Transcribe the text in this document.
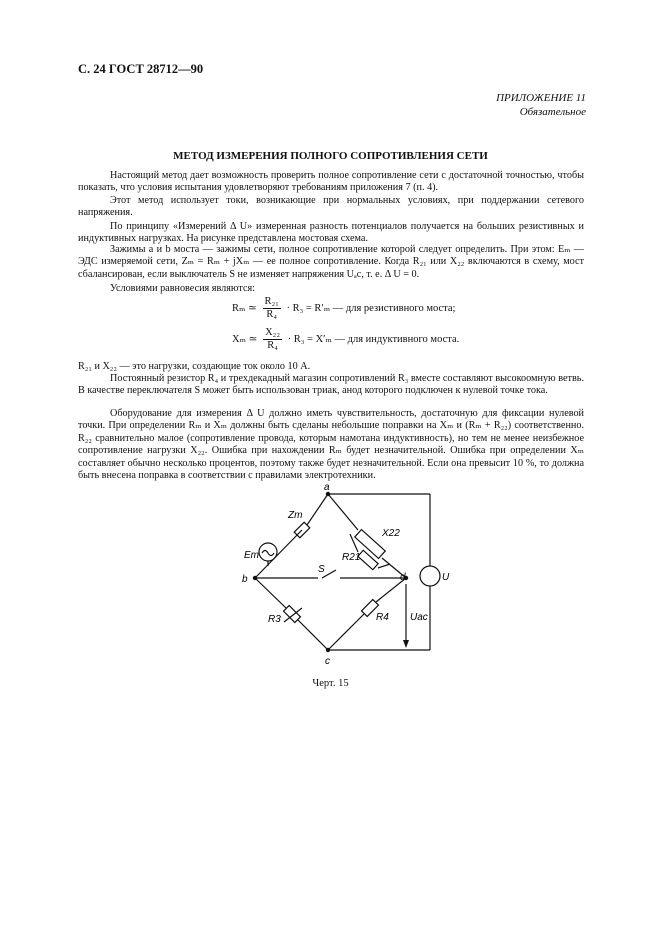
С. 24 ГОСТ 28712—90
ПРИЛОЖЕНИЕ 11
Обязательное
МЕТОД ИЗМЕРЕНИЯ ПОЛНОГО СОПРОТИВЛЕНИЯ СЕТИ
Настоящий метод дает возможность проверить полное сопротивление сети с достаточной точностью, чтобы показать, что условия испытания удовлетворяют требованиям приложения 7 (п. 4).
Этот метод использует токи, возникающие при нормальных условиях, при поддержании сетевого напряжения.
По принципу «Измерений Δ U» измеренная разность потенциалов получается на больших резистивных и индуктивных нагрузках. На рисунке представлена мостовая схема.
Зажимы a и b моста — зажимы сети, полное сопротивление которой следует определить. При этом: Eₘ — ЭДС измеряемой сети, Zₘ = Rₘ + jXₘ — ее полное сопротивление. Когда R₂₁ или X₂₂ включаются в схему, мост сбалансирован, если выключатель S не изменяет напряжения Uₐc, т. е. Δ U = 0.
Условиями равновесия являются:
Rₘ ≃ $\frac{\text{R₂₁}}{\text{R₄}} \cdot R_3 = R'_m$ — для резистивного моста;
Xₘ ≃ $\frac{\text{X₂₂}}{\text{R₄}} \cdot R_3 = X'_m$ — для индуктивного моста.
R₂₁ и X₂₂ — это нагрузки, создающие ток около 10 А.
Постоянный резистор R₄ и трехдекадный магазин сопротивлений R₃ вместе составляют высокоомную ветвь. В качестве переключателя S может быть использован триак, анод которого подключен к нулевой точке тока.
Оборудование для измерения Δ U должно иметь чувствительность, достаточную для фиксации нулевой точки. При определении Rₘ и Xₘ должны быть сделаны небольшие поправки на Xₘ и (Rₘ + R₂₂) соответственно. R₂₂ сравнительно малое (сопротивление провода, которым намотана индуктивность), но тем не менее неизбежное сопротивление нагрузки X₂₂. Ошибка при нахождении Rₘ будет незначительной. Ошибка при определении Xₘ составляет обычно несколько процентов, поэтому также будет незначительной. Если она превысит 10 %, то должна быть внесена поправка в соответствии с правилами электротехники.
a
b
c
d
Zm
Em
X22
R21
S
R3	R4
U
Uac
Черт. 15
